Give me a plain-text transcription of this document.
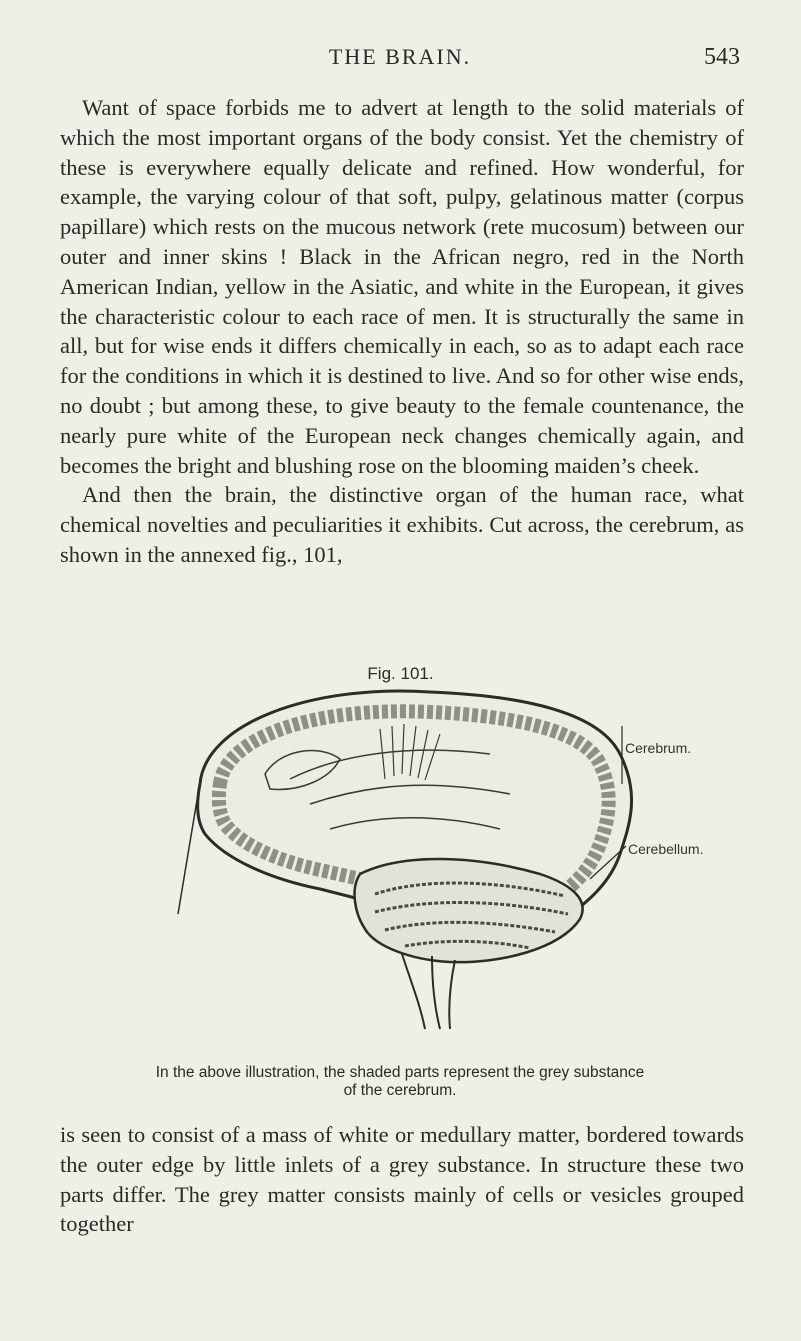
THE BRAIN.	543

Want of space forbids me to advert at length to the solid materials of which the most important organs of the body consist. Yet the chemistry of these is everywhere equally delicate and refined. How wonderful, for example, the varying colour of that soft, pulpy, gelatinous matter (corpus papillare) which rests on the mucous network (rete mucosum) between our outer and inner skins ! Black in the African negro, red in the North American Indian, yellow in the Asiatic, and white in the European, it gives the characteristic colour to each race of men. It is structurally the same in all, but for wise ends it differs chemically in each, so as to adapt each race for the conditions in which it is destined to live. And so for other wise ends, no doubt ; but among these, to give beauty to the female countenance, the nearly pure white of the European neck changes chemically again, and becomes the bright and blushing rose on the blooming maiden’s cheek.

And then the brain, the distinctive organ of the human race, what chemical novelties and peculiarities it exhibits. Cut across, the cerebrum, as shown in the annexed fig., 101,

Fig. 101.
Cerebrum.
Cerebellum.
In the above illustration, the shaded parts represent the grey substance of the cerebrum.

is seen to consist of a mass of white or medullary matter, bordered towards the outer edge by little inlets of a grey substance. In structure these two parts differ. The grey matter consists mainly of cells or vesicles grouped together
